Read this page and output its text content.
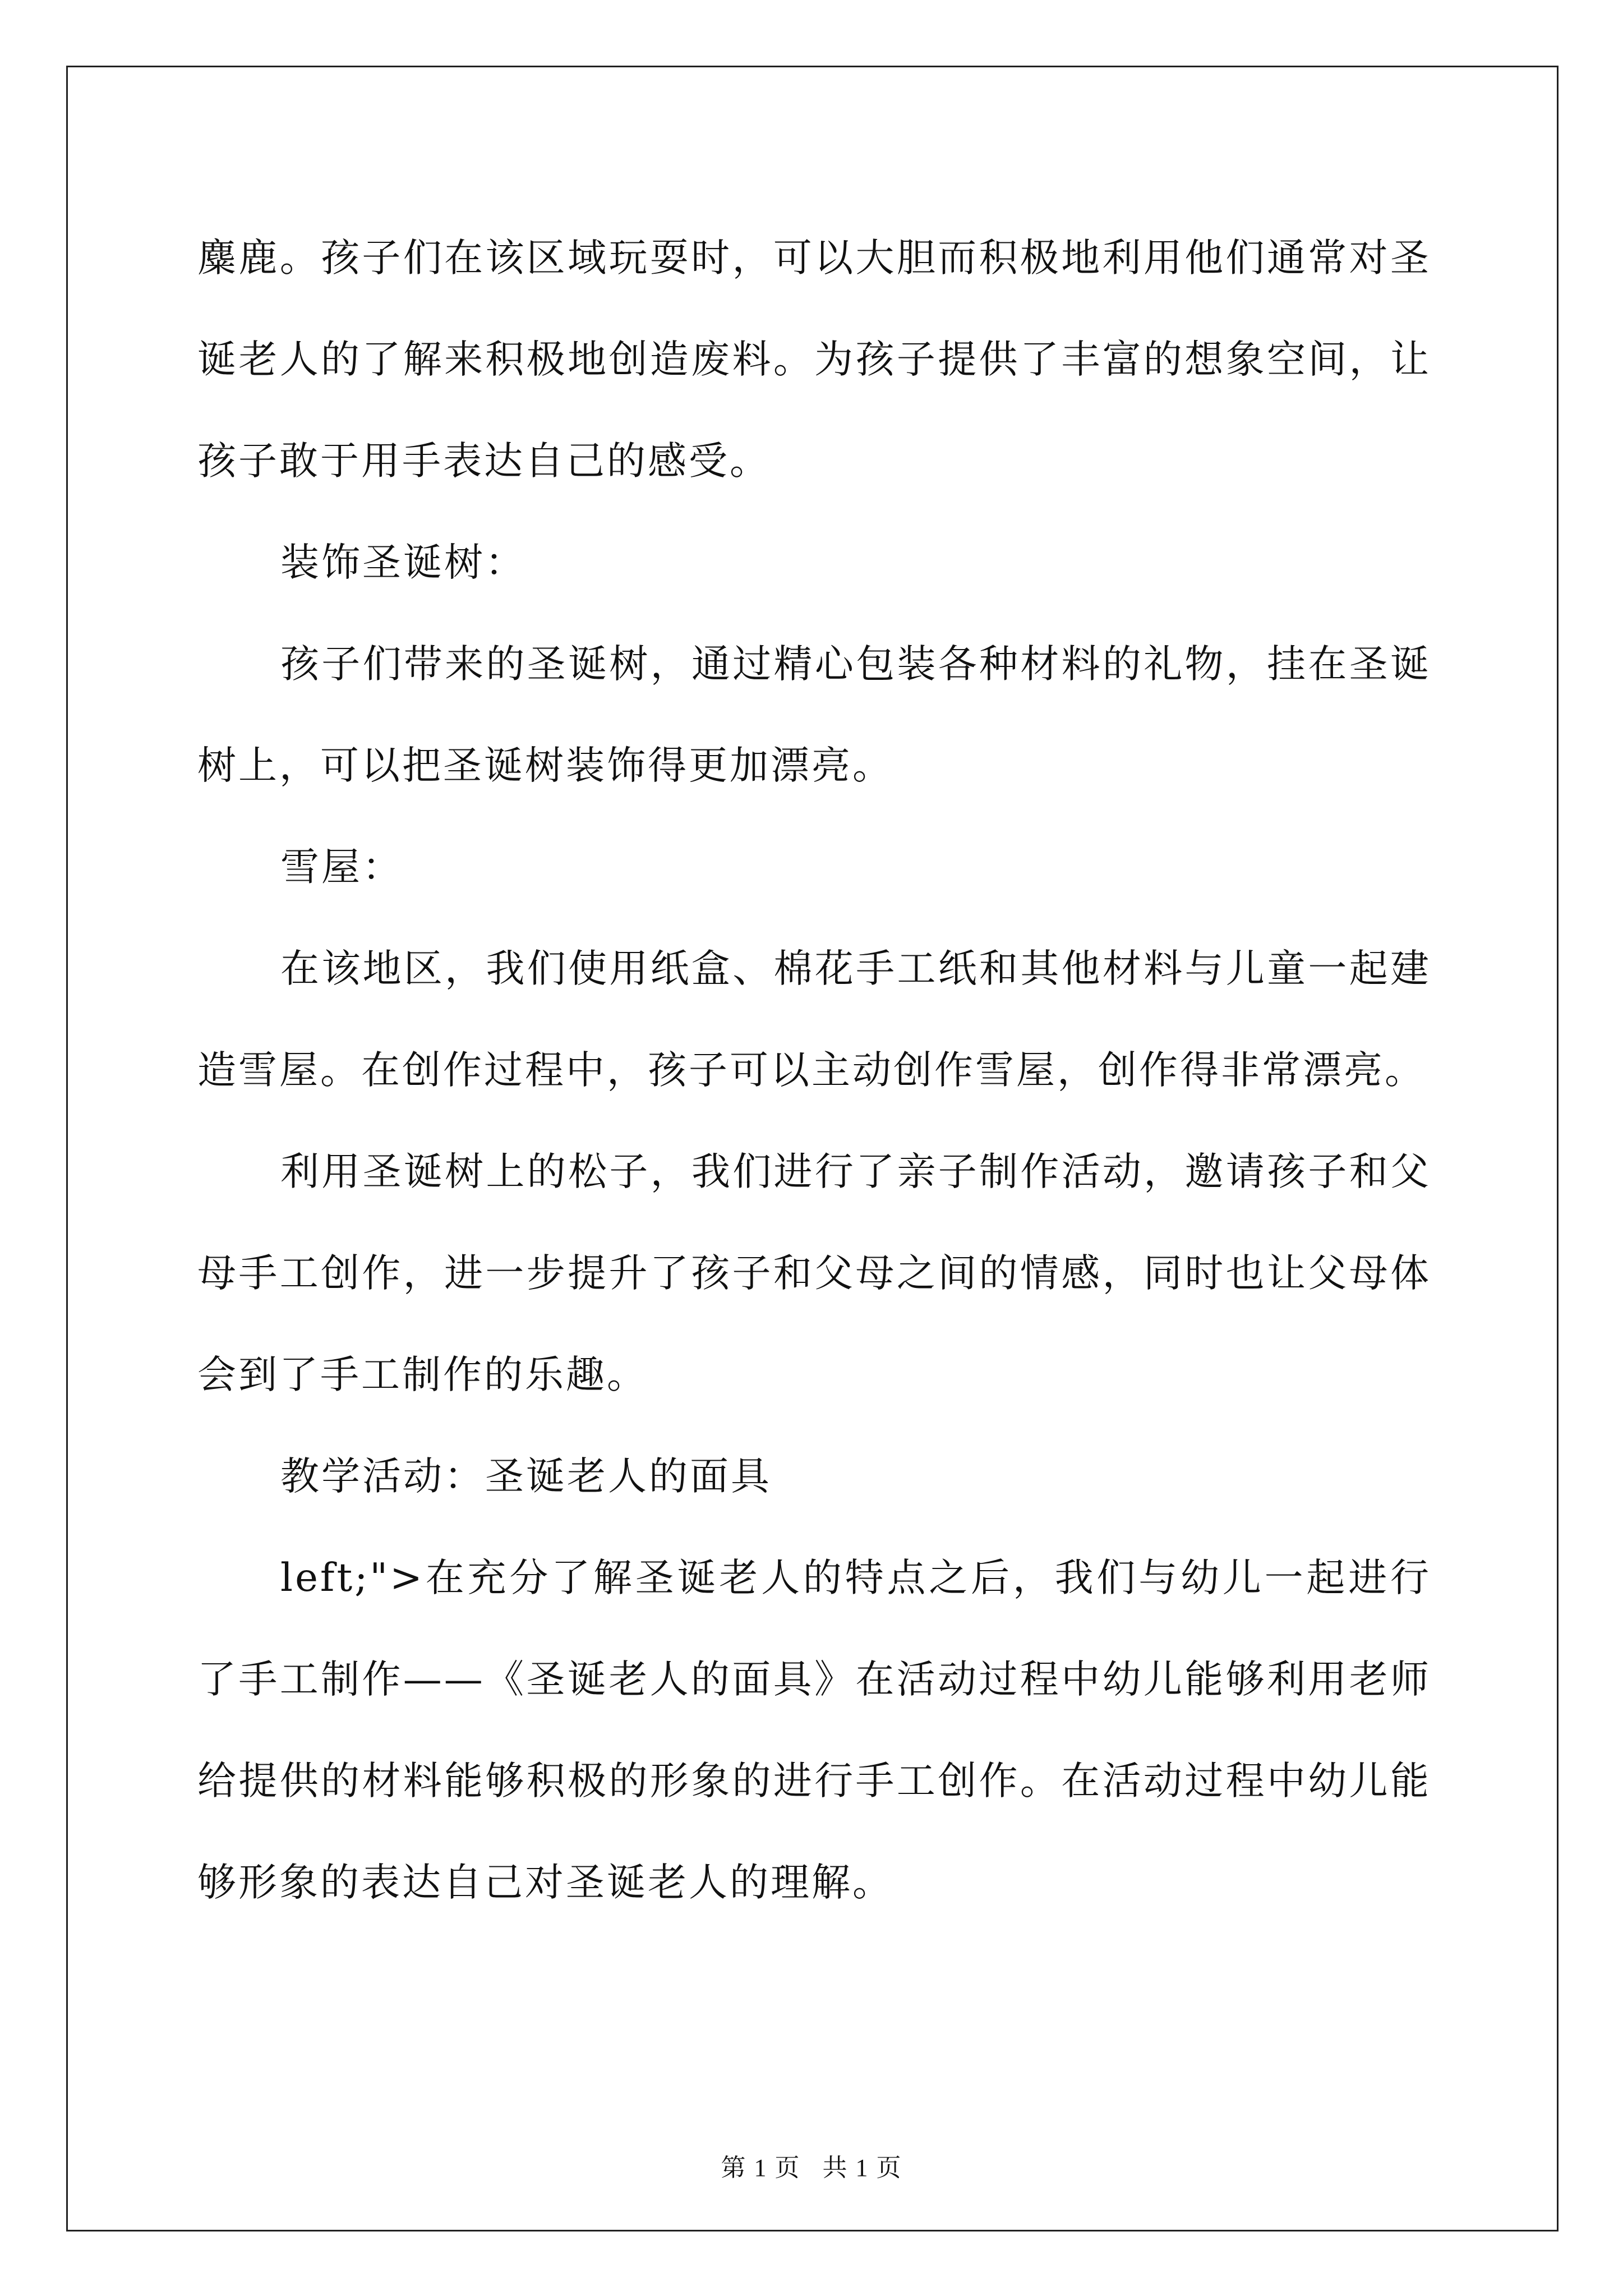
麋鹿。孩子们在该区域玩耍时，可以大胆而积极地利用他们通常对圣诞老人的了解来积极地创造废料。为孩子提供了丰富的想象空间，让孩子敢于用手表达自己的感受。

装饰圣诞树：

孩子们带来的圣诞树，通过精心包装各种材料的礼物，挂在圣诞树上，可以把圣诞树装饰得更加漂亮。

雪屋：

在该地区，我们使用纸盒、棉花手工纸和其他材料与儿童一起建造雪屋。在创作过程中，孩子可以主动创作雪屋，创作得非常漂亮。

利用圣诞树上的松子，我们进行了亲子制作活动，邀请孩子和父母手工创作，进一步提升了孩子和父母之间的情感，同时也让父母体会到了手工制作的乐趣。

教学活动：圣诞老人的面具

left;">在充分了解圣诞老人的特点之后，我们与幼儿一起进行了手工制作——《圣诞老人的面具》在活动过程中幼儿能够利用老师给提供的材料能够积极的形象的进行手工创作。在活动过程中幼儿能够形象的表达自己对圣诞老人的理解。

第 1 页   共 1 页
